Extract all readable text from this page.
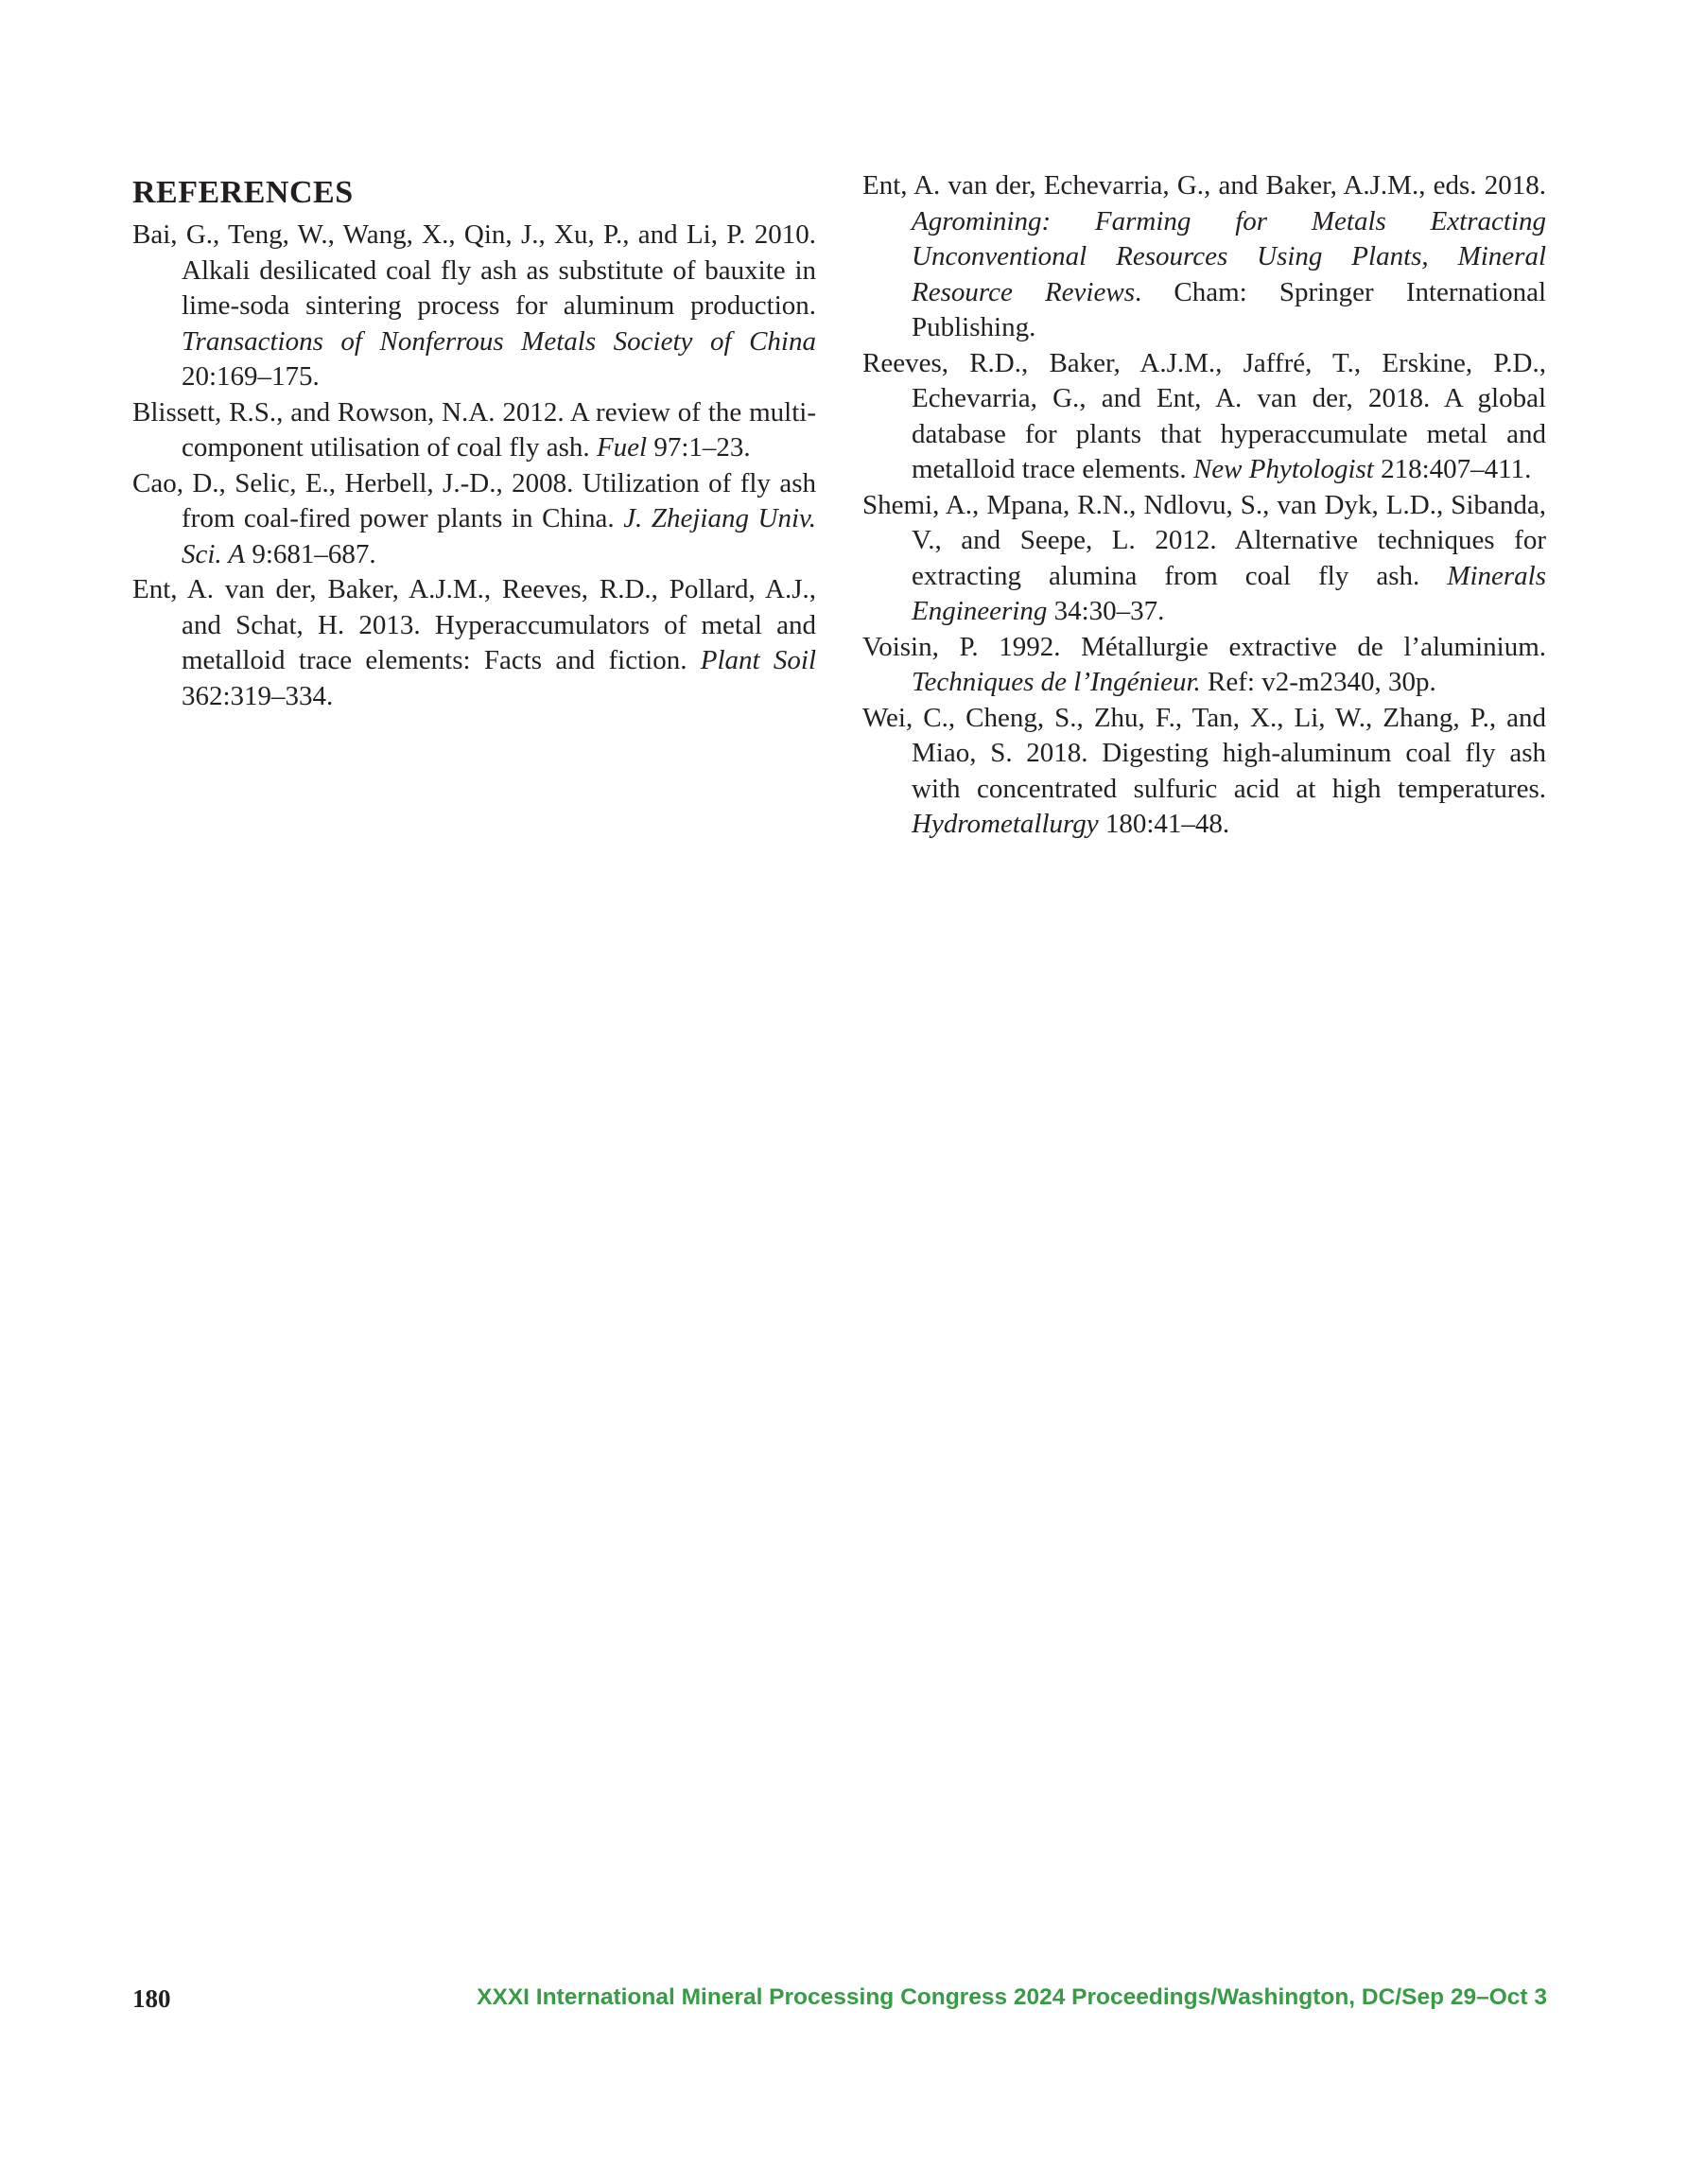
REFERENCES

Bai, G., Teng, W., Wang, X., Qin, J., Xu, P., and Li, P. 2010. Alkali desilicated coal fly ash as substitute of bauxite in lime-soda sintering process for aluminum production. Transactions of Nonferrous Metals Society of China 20:169–175.

Blissett, R.S., and Rowson, N.A. 2012. A review of the multi-component utilisation of coal fly ash. Fuel 97:1–23.

Cao, D., Selic, E., Herbell, J.-D., 2008. Utilization of fly ash from coal-fired power plants in China. J. Zhejiang Univ. Sci. A 9:681–687.

Ent, A. van der, Baker, A.J.M., Reeves, R.D., Pollard, A.J., and Schat, H. 2013. Hyperaccumulators of metal and metalloid trace elements: Facts and fiction. Plant Soil 362:319–334.

Ent, A. van der, Echevarria, G., and Baker, A.J.M., eds. 2018. Agromining: Farming for Metals Extracting Unconventional Resources Using Plants, Mineral Resource Reviews. Cham: Springer International Publishing.

Reeves, R.D., Baker, A.J.M., Jaffré, T., Erskine, P.D., Echevarria, G., and Ent, A. van der, 2018. A global database for plants that hyperaccumulate metal and metalloid trace elements. New Phytologist 218:407–411.

Shemi, A., Mpana, R.N., Ndlovu, S., van Dyk, L.D., Sibanda, V., and Seepe, L. 2012. Alternative techniques for extracting alumina from coal fly ash. Minerals Engineering 34:30–37.

Voisin, P. 1992. Métallurgie extractive de l’aluminium. Techniques de l’Ingénieur. Ref: v2-m2340, 30p.

Wei, C., Cheng, S., Zhu, F., Tan, X., Li, W., Zhang, P., and Miao, S. 2018. Digesting high-aluminum coal fly ash with concentrated sulfuric acid at high temperatures. Hydrometallurgy 180:41–48.

180	XXXI International Mineral Processing Congress 2024 Proceedings/Washington, DC/Sep 29–Oct 3
